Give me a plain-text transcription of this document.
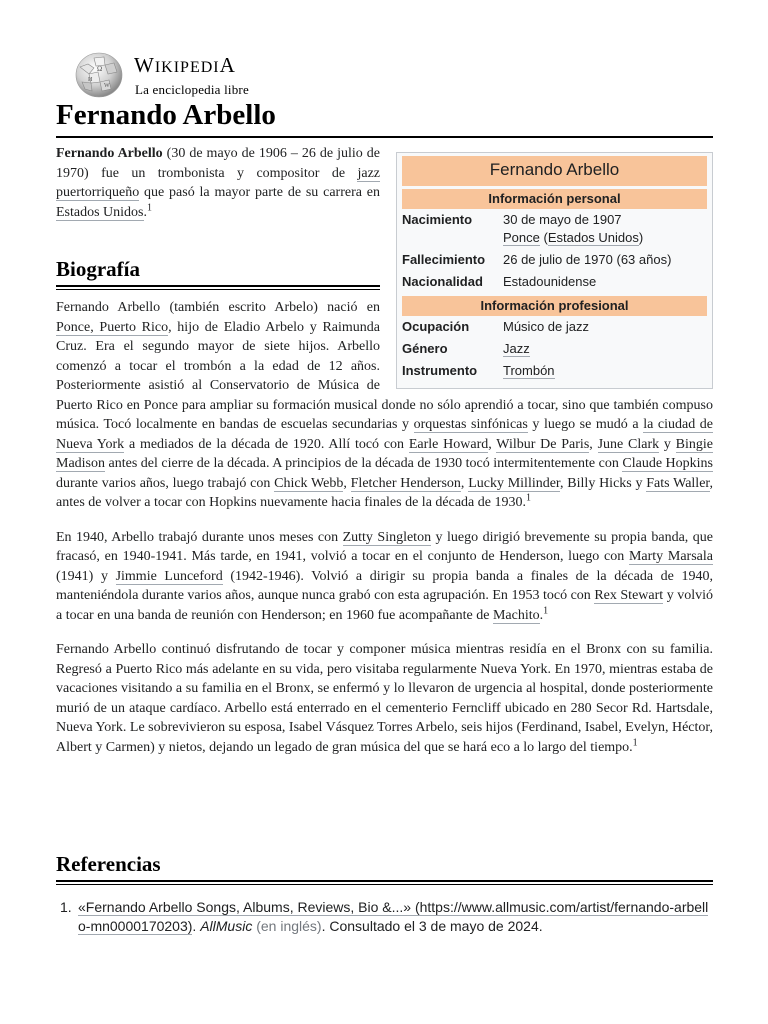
Ω
И
W
WIKIPEDIA
La enciclopedia libre
Fernando Arbello

Fernando Arbello (30 de mayo de 1906 – 26 de julio de 1970) fue un trombonista y compositor de jazz puertorriqueño que pasó la mayor parte de su carrera en Estados Unidos.$^1$

Fernando Arbello
Información personal
Nacimiento	30 de mayo de 1907
Ponce (Estados Unidos)
Fallecimiento	26 de julio de 1970 (63 años)
Nacionalidad	Estadounidense
Información profesional
Ocupación	Músico de jazz
Género	Jazz
Instrumento	Trombón
Biografía

Fernando Arbello (también escrito Arbelo) nació en Ponce, Puerto Rico, hijo de Eladio Arbelo y Raimunda Cruz. Era el segundo mayor de siete hijos. Arbello comenzó a tocar el trombón a la edad de 12 años. Posteriormente asistió al Conservatorio de Música de Puerto Rico en Ponce para ampliar su formación musical donde no sólo aprendió a tocar, sino que también compuso música. Tocó localmente en bandas de escuelas secundarias y orquestas sinfónicas y luego se mudó a la ciudad de Nueva York a mediados de la década de 1920. Allí tocó con Earle Howard, Wilbur De Paris, June Clark y Bingie Madison antes del cierre de la década. A principios de la década de 1930 tocó intermitentemente con Claude Hopkins durante varios años, luego trabajó con Chick Webb, Fletcher Henderson, Lucky Millinder, Billy Hicks y Fats Waller, antes de volver a tocar con Hopkins nuevamente hacia finales de la década de 1930.$^1$

En 1940, Arbello trabajó durante unos meses con Zutty Singleton y luego dirigió brevemente su propia banda, que fracasó, en 1940-1941. Más tarde, en 1941, volvió a tocar en el conjunto de Henderson, luego con Marty Marsala (1941) y Jimmie Lunceford (1942-1946). Volvió a dirigir su propia banda a finales de la década de 1940, manteniéndola durante varios años, aunque nunca grabó con esta agrupación. En 1953 tocó con Rex Stewart y volvió a tocar en una banda de reunión con Henderson; en 1960 fue acompañante de Machito.$^1$

Fernando Arbello continuó disfrutando de tocar y componer música mientras residía en el Bronx con su familia. Regresó a Puerto Rico más adelante en su vida, pero visitaba regularmente Nueva York. En 1970, mientras estaba de vacaciones visitando a su familia en el Bronx, se enfermó y lo llevaron de urgencia al hospital, donde posteriormente murió de un ataque cardíaco. Arbello está enterrado en el cementerio Ferncliff ubicado en 280 Secor Rd. Hartsdale, Nueva York. Le sobrevivieron su esposa, Isabel Vásquez Torres Arbelo, seis hijos (Ferdinand, Isabel, Evelyn, Héctor, Albert y Carmen) y nietos, dejando un legado de gran música del que se hará eco a lo largo del tiempo.$^1$

Referencias
1. «Fernando Arbello Songs, Albums, Reviews, Bio &...» (https://www.allmusic.com/artist/fernando-arbello-mn0000170203). AllMusic (en inglés). Consultado el 3 de mayo de 2024.
